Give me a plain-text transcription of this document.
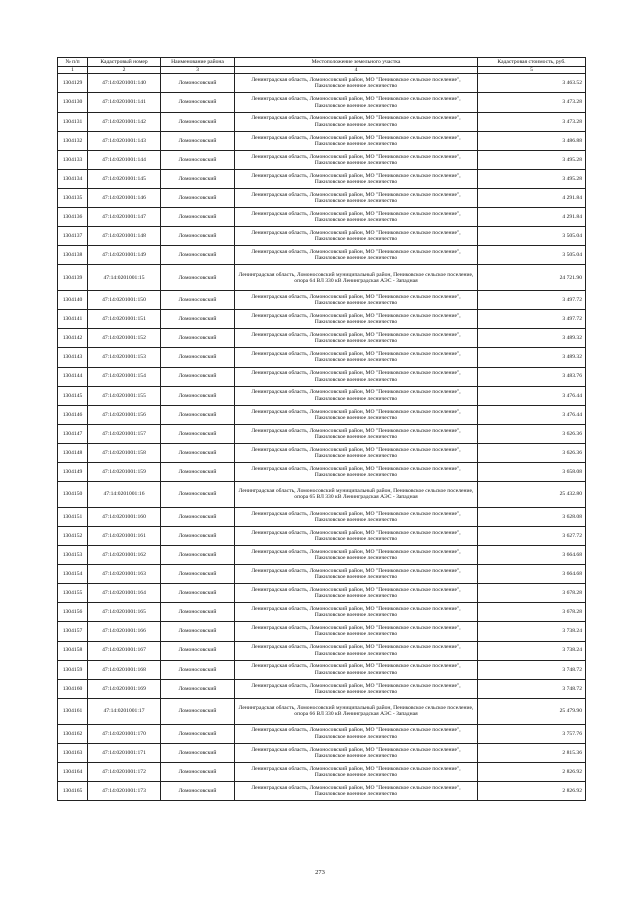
№ п/п	Кадастровый номер	Наименование района	Местоположение земельного участка	Кадастровая стоимость, руб.
1	2	3	4	5
1304129	47:14:0201001:140	Ломоносовский	Ленинградская область, Ломоносовский район, МО "Пениковское сельское поселение", Пакиловское военное лесничество	3 463.52
1304130	47:14:0201001:141	Ломоносовский	Ленинградская область, Ломоносовский район, МО "Пениковское сельское поселение", Пакиловское военное лесничество	3 473.28
1304131	47:14:0201001:142	Ломоносовский	Ленинградская область, Ломоносовский район, МО "Пениковское сельское поселение", Пакиловское военное лесничество	3 473.28
1304132	47:14:0201001:143	Ломоносовский	Ленинградская область, Ломоносовский район, МО "Пениковское сельское поселение", Пакиловское военное лесничество	3 486.88
1304133	47:14:0201001:144	Ломоносовский	Ленинградская область, Ломоносовский район, МО "Пениковское сельское поселение", Пакиловское военное лесничество	3 495.28
1304134	47:14:0201001:145	Ломоносовский	Ленинградская область, Ломоносовский район, МО "Пениковское сельское поселение", Пакиловское военное лесничество	3 495.28
1304135	47:14:0201001:146	Ломоносовский	Ленинградская область, Ломоносовский район, МО "Пениковское сельское поселение", Пакиловское военное лесничество	4 291.84
1304136	47:14:0201001:147	Ломоносовский	Ленинградская область, Ломоносовский район, МО "Пениковское сельское поселение", Пакиловское военное лесничество	4 291.84
1304137	47:14:0201001:148	Ломоносовский	Ленинградская область, Ломоносовский район, МО "Пениковское сельское поселение", Пакиловское военное лесничество	3 505.04
1304138	47:14:0201001:149	Ломоносовский	Ленинградская область, Ломоносовский район, МО "Пениковское сельское поселение", Пакиловское военное лесничество	3 505.04
1304139	47:14:0201001:15	Ломоносовский	Ленинградская область, Ломоносовский муниципальный район, Пениковское сельское поселение, опора 64 ВЛ 330 кВ Ленинградская АЭС - Западная	24 721.90
1304140	47:14:0201001:150	Ломоносовский	Ленинградская область, Ломоносовский район, МО "Пениковское сельское поселение", Пакиловское военное лесничество	3 497.72
1304141	47:14:0201001:151	Ломоносовский	Ленинградская область, Ломоносовский район, МО "Пениковское сельское поселение", Пакиловское военное лесничество	3 497.72
1304142	47:14:0201001:152	Ломоносовский	Ленинградская область, Ломоносовский район, МО "Пениковское сельское поселение", Пакиловское военное лесничество	3 489.32
1304143	47:14:0201001:153	Ломоносовский	Ленинградская область, Ломоносовский район, МО "Пениковское сельское поселение", Пакиловское военное лесничество	3 489.32
1304144	47:14:0201001:154	Ломоносовский	Ленинградская область, Ломоносовский район, МО "Пениковское сельское поселение", Пакиловское военное лесничество	3 483.76
1304145	47:14:0201001:155	Ломоносовский	Ленинградская область, Ломоносовский район, МО "Пениковское сельское поселение", Пакиловское военное лесничество	3 476.44
1304146	47:14:0201001:156	Ломоносовский	Ленинградская область, Ломоносовский район, МО "Пениковское сельское поселение", Пакиловское военное лесничество	3 476.44
1304147	47:14:0201001:157	Ломоносовский	Ленинградская область, Ломоносовский район, МО "Пениковское сельское поселение", Пакиловское военное лесничество	3 626.36
1304148	47:14:0201001:158	Ломоносовский	Ленинградская область, Ломоносовский район, МО "Пениковское сельское поселение", Пакиловское военное лесничество	3 626.36
1304149	47:14:0201001:159	Ломоносовский	Ленинградская область, Ломоносовский район, МО "Пениковское сельское поселение", Пакиловское военное лесничество	3 658.08
1304150	47:14:0201001:16	Ломоносовский	Ленинградская область, Ломоносовский муниципальный район, Пениковское сельское поселение, опора 65 ВЛ 330 кВ Ленинградская АЭС - Западная	25 432.80
1304151	47:14:0201001:160	Ломоносовский	Ленинградская область, Ломоносовский район, МО "Пениковское сельское поселение", Пакиловское военное лесничество	3 628.08
1304152	47:14:0201001:161	Ломоносовский	Ленинградская область, Ломоносовский район, МО "Пениковское сельское поселение", Пакиловское военное лесничество	3 627.72
1304153	47:14:0201001:162	Ломоносовский	Ленинградская область, Ломоносовский район, МО "Пениковское сельское поселение", Пакиловское военное лесничество	3 664.68
1304154	47:14:0201001:163	Ломоносовский	Ленинградская область, Ломоносовский район, МО "Пениковское сельское поселение", Пакиловское военное лесничество	3 664.68
1304155	47:14:0201001:164	Ломоносовский	Ленинградская область, Ломоносовский район, МО "Пениковское сельское поселение", Пакиловское военное лесничество	3 678.28
1304156	47:14:0201001:165	Ломоносовский	Ленинградская область, Ломоносовский район, МО "Пениковское сельское поселение", Пакиловское военное лесничество	3 678.28
1304157	47:14:0201001:166	Ломоносовский	Ленинградская область, Ломоносовский район, МО "Пениковское сельское поселение", Пакиловское военное лесничество	3 738.24
1304158	47:14:0201001:167	Ломоносовский	Ленинградская область, Ломоносовский район, МО "Пениковское сельское поселение", Пакиловское военное лесничество	3 738.24
1304159	47:14:0201001:168	Ломоносовский	Ленинградская область, Ломоносовский район, МО "Пениковское сельское поселение", Пакиловское военное лесничество	3 748.72
1304160	47:14:0201001:169	Ломоносовский	Ленинградская область, Ломоносовский район, МО "Пениковское сельское поселение", Пакиловское военное лесничество	3 748.72
1304161	47:14:0201001:17	Ломоносовский	Ленинградская область, Ломоносовский муниципальный район, Пениковское сельское поселение, опора 66 ВЛ 330 кВ Ленинградская АЭС - Западная	25 479.90
1304162	47:14:0201001:170	Ломоносовский	Ленинградская область, Ломоносовский район, МО "Пениковское сельское поселение", Пакиловское военное лесничество	3 757.76
1304163	47:14:0201001:171	Ломоносовский	Ленинградская область, Ломоносовский район, МО "Пениковское сельское поселение", Пакиловское военное лесничество	2 815.36
1304164	47:14:0201001:172	Ломоносовский	Ленинградская область, Ломоносовский район, МО "Пениковское сельское поселение", Пакиловское военное лесничество	2 826.92
1304165	47:14:0201001:173	Ломоносовский	Ленинградская область, Ломоносовский район, МО "Пениковское сельское поселение", Пакиловское военное лесничество	2 826.92
273
